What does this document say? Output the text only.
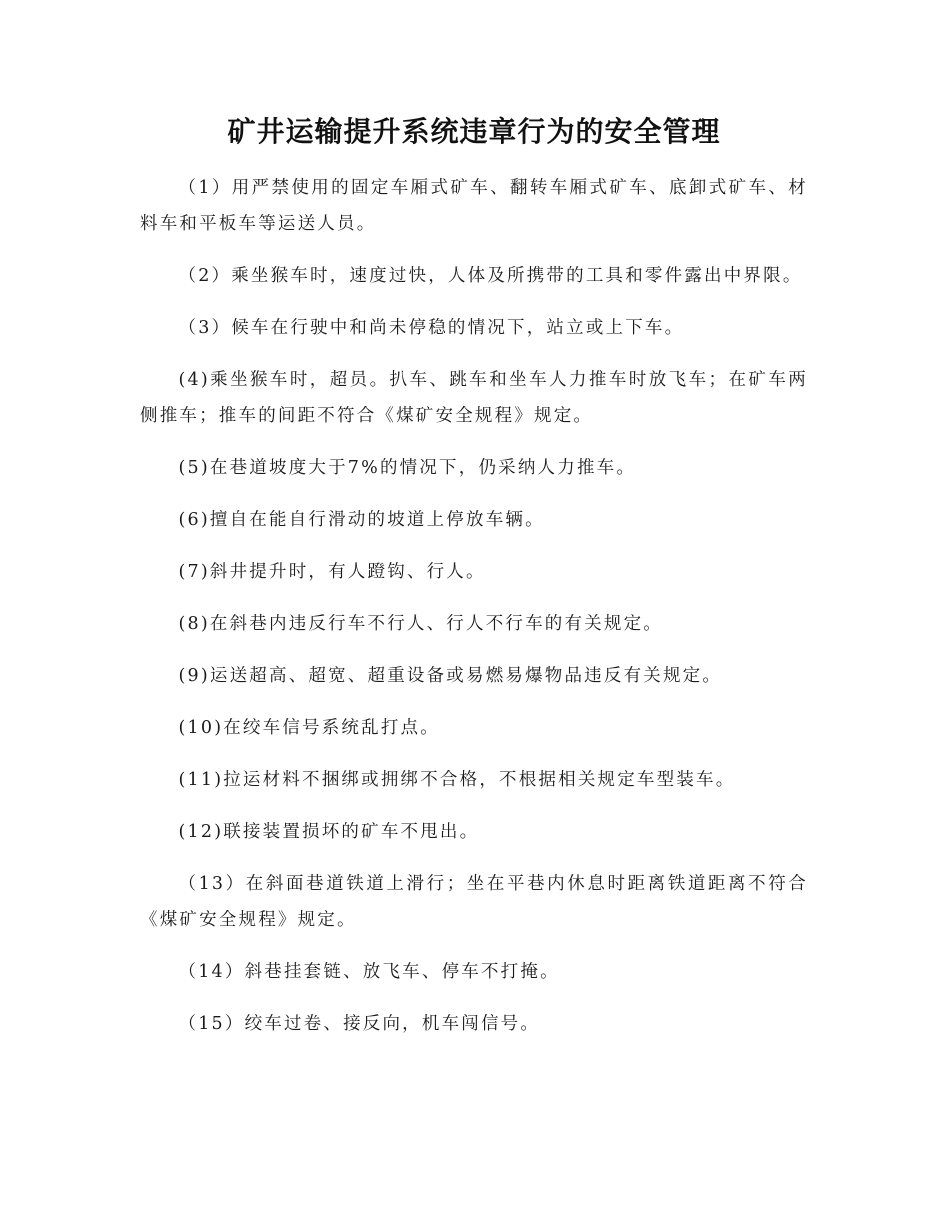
矿井运输提升系统违章行为的安全管理

（1）用严禁使用的固定车厢式矿车、翻转车厢式矿车、底卸式矿车、材料车和平板车等运送人员。

（2）乘坐猴车时，速度过快，人体及所携带的工具和零件露出中界限。

（3）候车在行驶中和尚未停稳的情况下，站立或上下车。

(4)乘坐猴车时，超员。扒车、跳车和坐车人力推车时放飞车；在矿车两侧推车；推车的间距不符合《煤矿安全规程》规定。

(5)在巷道坡度大于7%的情况下，仍采纳人力推车。

(6)擅自在能自行滑动的坡道上停放车辆。

(7)斜井提升时，有人蹬钩、行人。

(8)在斜巷内违反行车不行人、行人不行车的有关规定。

(9)运送超高、超宽、超重设备或易燃易爆物品违反有关规定。

(10)在绞车信号系统乱打点。

(11)拉运材料不捆绑或拥绑不合格，不根据相关规定车型装车。

(12)联接装置损坏的矿车不甩出。

（13）在斜面巷道铁道上滑行；坐在平巷内休息时距离铁道距离不符合《煤矿安全规程》规定。

（14）斜巷挂套链、放飞车、停车不打掩。

（15）绞车过卷、接反向，机车闯信号。
